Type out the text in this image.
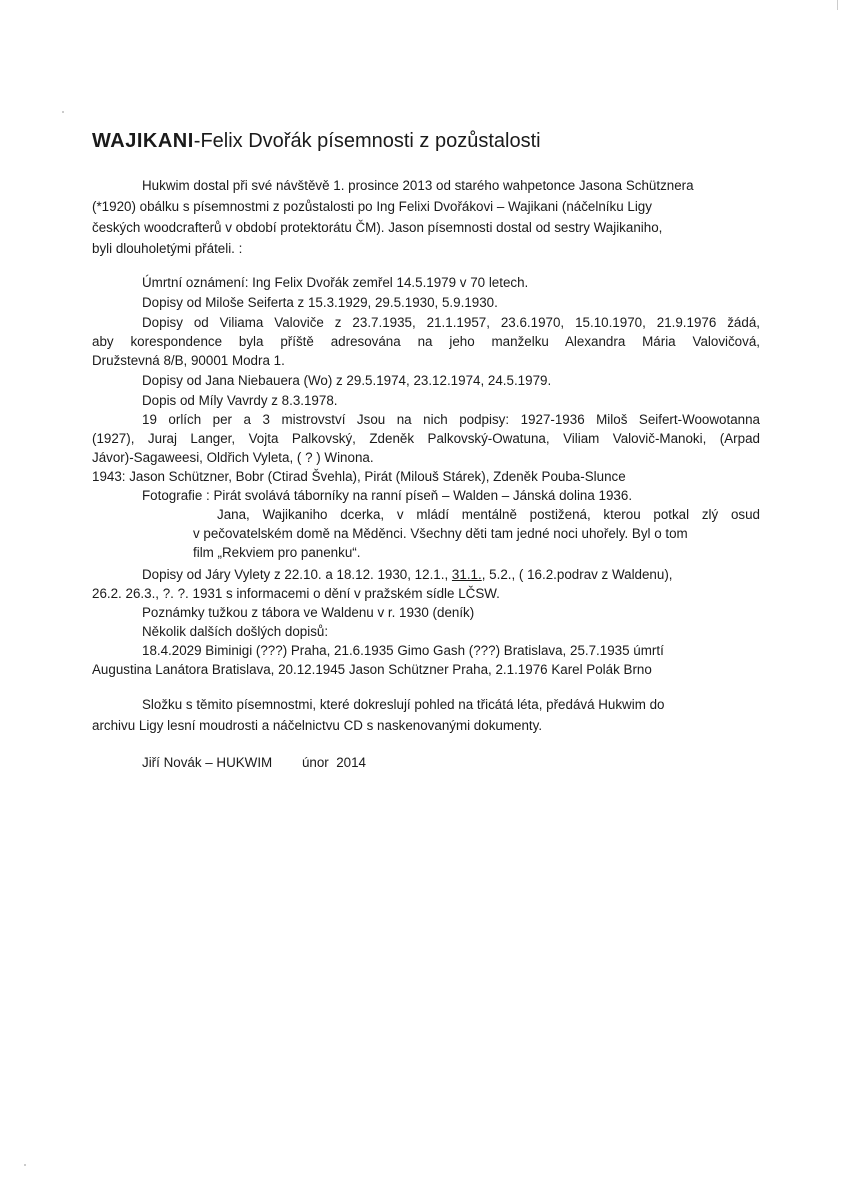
WAJIKANI-Felix Dvořák písemnosti z pozůstalosti
Hukwim dostal při své návštěvě 1. prosince 2013 od starého wahpetonce Jasona Schütznera
(*1920) obálku s písemnostmi z pozůstalosti po Ing Felixi Dvořákovi – Wajikani (náčelníku Ligy
českých woodcrafterů v období protektorátu ČM). Jason písemnosti dostal od sestry Wajikaniho,
byli dlouholetými přáteli. :
Úmrtní oznámení: Ing Felix Dvořák zemřel 14.5.1979 v 70 letech.
Dopisy od Miloše Seiferta z 15.3.1929, 29.5.1930, 5.9.1930.
Dopisy od Viliama Valoviče z 23.7.1935, 21.1.1957, 23.6.1970, 15.10.1970, 21.9.1976 žádá,
aby korespondence byla příště adresována na jeho manželku Alexandra Mária Valovičová,
Družstevná 8/B, 90001 Modra 1.
Dopisy od Jana Niebauera (Wo) z 29.5.1974, 23.12.1974, 24.5.1979.
Dopis od Míly Vavrdy z 8.3.1978.
19 orlích per a 3 mistrovství Jsou na nich podpisy: 1927-1936 Miloš Seifert-Woowotanna
(1927), Juraj Langer, Vojta Palkovský, Zdeněk Palkovský-Owatuna, Viliam Valovič-Manoki, (Arpad
Jávor)-Sagaweesi, Oldřich Vyleta, ( ? ) Winona.
1943: Jason Schützner, Bobr (Ctirad Švehla), Pirát (Milouš Stárek), Zdeněk Pouba-Slunce
Fotografie : Pirát svolává táborníky na ranní píseň – Walden – Jánská dolina 1936.
Jana, Wajikaniho dcerka, v mládí mentálně postižená, kterou potkal zlý osud
v pečovatelském domě na Měděnci. Všechny děti tam jedné noci uhořely. Byl o tom
film „Rekviem pro panenku“.
Dopisy od Járy Vylety z 22.10. a 18.12. 1930, 12.1., 31.1., 5.2., ( 16.2.podrav z Waldenu),
26.2. 26.3., ?. ?. 1931 s informacemi o dění v pražském sídle LČSW.
Poznámky tužkou z tábora ve Waldenu v r. 1930 (deník)
Několik dalších došlých dopisů:
18.4.2029 Biminigi (???) Praha, 21.6.1935 Gimo Gash (???) Bratislava, 25.7.1935 úmrtí
Augustina Lanátora Bratislava, 20.12.1945 Jason Schützner Praha, 2.1.1976 Karel Polák Brno
Složku s těmito písemnostmi, které dokreslují pohled na třicátá léta, předává Hukwim do
archivu Ligy lesní moudrosti a náčelnictvu CD s naskenovanými dokumenty.
Jiří Novák – HUKWIM        únor  2014
